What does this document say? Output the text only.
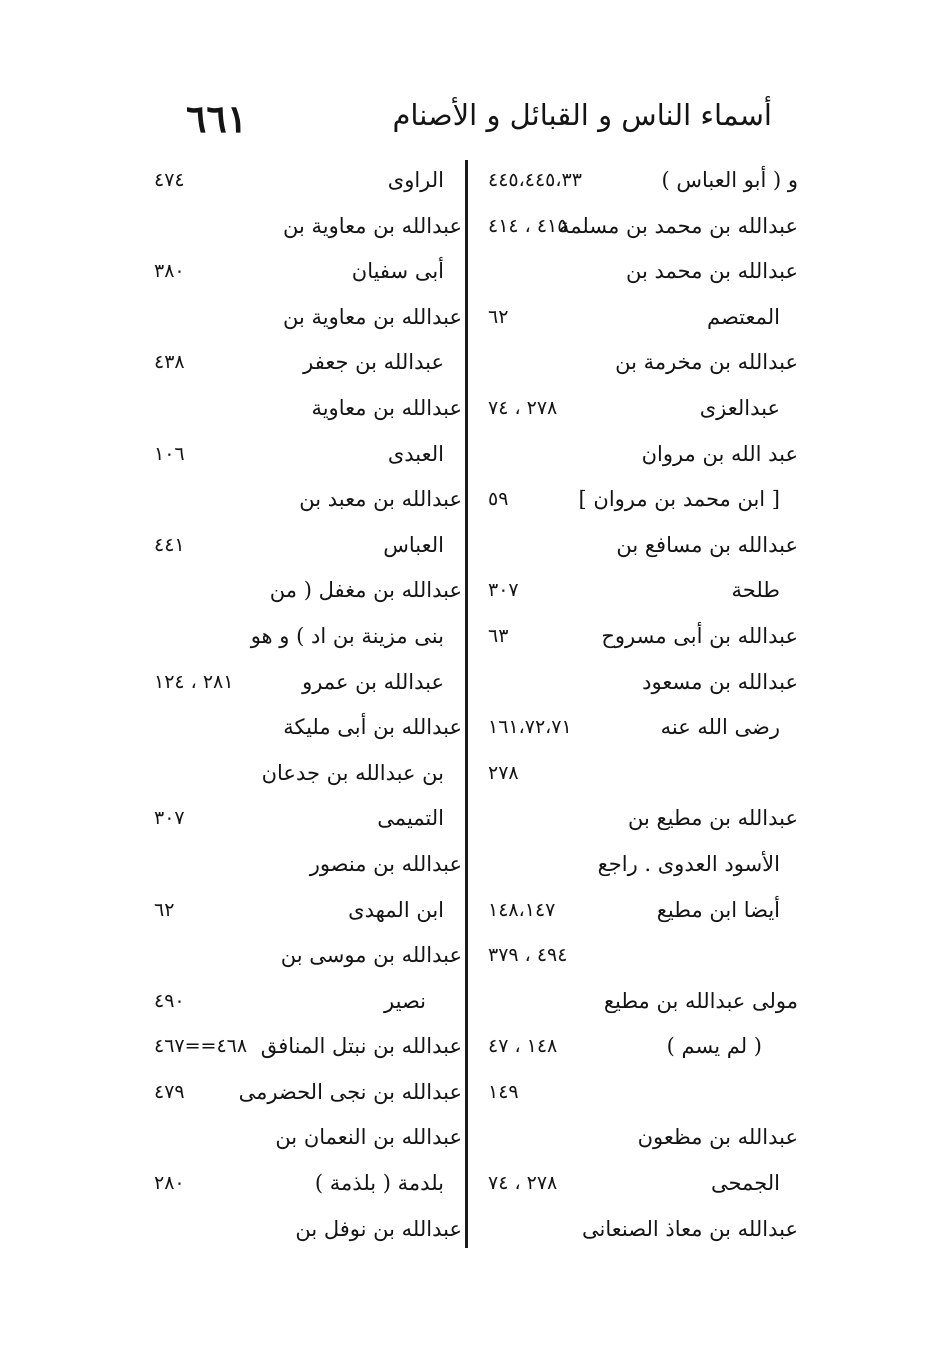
٦٦١	أسماء الناس و القبائل و الأصنام
و ( أبو العباس )
٤٤٥،٤٤٥،٣٣
عبدالله بن محمد بن مسلمة
٤١٥ ، ٤١٤
عبدالله بن محمد بن
المعتصم
٦٢
عبدالله بن مخرمة بن
عبدالعزى
٢٧٨ ، ٧٤
عبد الله بن مروان
[ ابن محمد بن مروان ]
٥٩
عبدالله بن مسافع بن
طلحة
٣٠٧
عبدالله بن أبى مسروح
٦٣
عبدالله بن مسعود
رضى الله عنه
١٦١،٧٢،٧١
٢٧٨
عبدالله بن مطيع بن
الأسود العدوى . راجع
أيضا ابن مطيع
١٤٨،١٤٧
٤٩٤ ، ٣٧٩
مولى عبدالله بن مطيع
( لم يسم )
١٤٨ ، ٤٧
١٤٩
عبدالله بن مظعون
الجمحى
٢٧٨ ، ٧٤
عبدالله بن معاذ الصنعانى
الراوى
٤٧٤
عبدالله بن معاوية بن
أبى سفيان
٣٨٠
عبدالله بن معاوية بن
عبدالله بن جعفر
٤٣٨
عبدالله بن معاوية
العبدى
١٠٦
عبدالله بن معبد بن
العباس
٤٤١
عبدالله بن مغفل ( من
بنى مزينة بن اد ) و هو
عبدالله بن عمرو
٢٨١ ، ١٢٤
عبدالله بن أبى مليكة
بن عبدالله بن جدعان
التميمى
٣٠٧
عبدالله بن منصور
ابن المهدى
٦٢
عبدالله بن موسى بن
نصير
٤٩٠
عبدالله بن نبتل المنافق
٤٦٨==٤٦٧
عبدالله بن نجى الحضرمى
٤٧٩
عبدالله بن النعمان بن
بلدمة ( بلذمة )
٢٨٠
عبدالله بن نوفل بن
